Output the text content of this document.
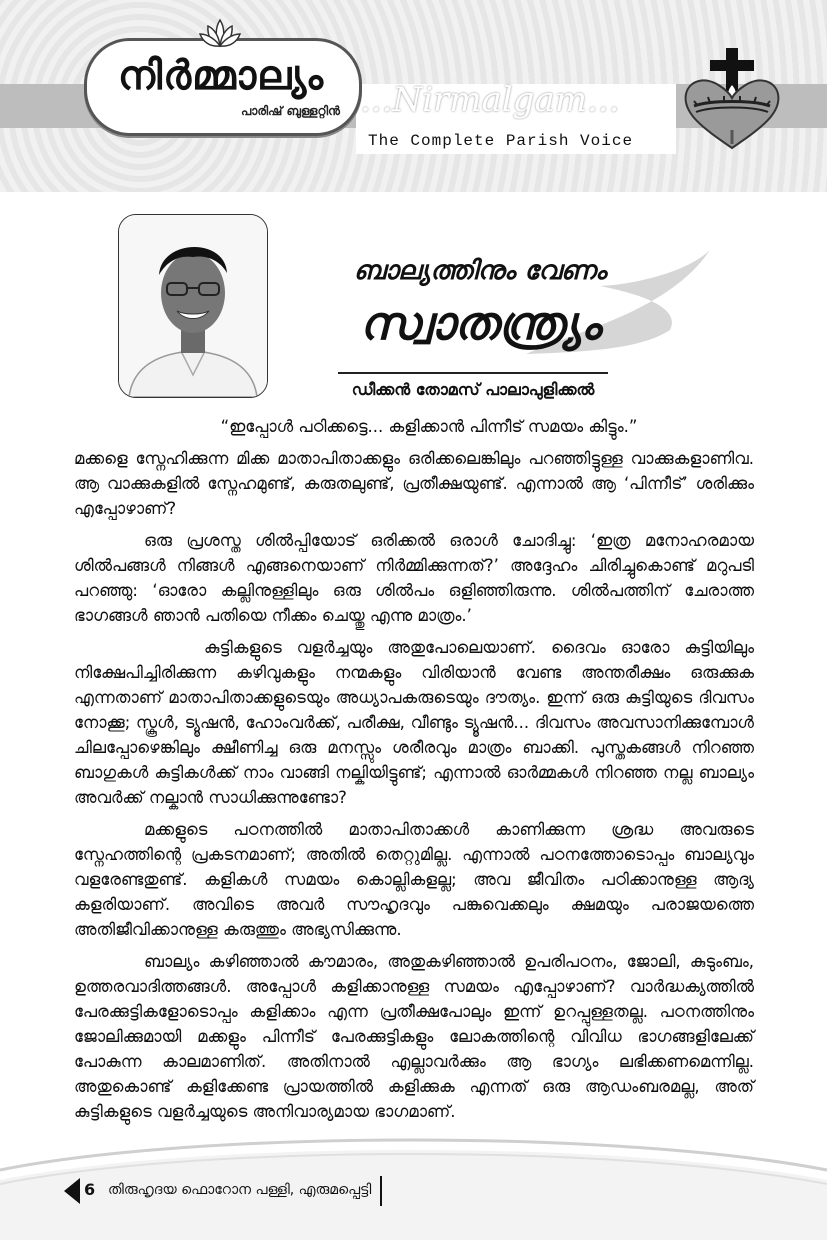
നിർമ്മാല്യം
പാരിഷ് ബുള്ളറ്റിൻ ...Nirmalgam...
The Complete Parish Voice
ബാല്യത്തിനും വേണം
സ്വാതന്ത്ര്യം
ഡീക്കൻ തോമസ് പാലാപുളിക്കൽ

“ഇപ്പോൾ പഠിക്കട്ടെ... കളിക്കാൻ പിന്നീട് സമയം കിട്ടും.”

മക്കളെ സ്നേഹിക്കുന്ന മിക്ക മാതാപിതാക്കളും ഒരിക്കലെങ്കിലും പറഞ്ഞിട്ടുള്ള വാക്കുകളാണിവ. ആ വാക്കുകളിൽ സ്നേഹമുണ്ട്, കരുതലുണ്ട്, പ്രതീക്ഷയുണ്ട്. എന്നാൽ ആ ‘പിന്നീട്’ ശരിക്കും എപ്പോഴാണ്?

ഒരു പ്രശസ്ത ശിൽപ്പിയോട് ഒരിക്കൽ ഒരാൾ ചോദിച്ചു: ‘ഇത്ര മനോഹരമായ ശിൽപങ്ങൾ നിങ്ങൾ എങ്ങനെയാണ് നിർമ്മിക്കുന്നത്?’ അദ്ദേഹം ചിരിച്ചുകൊണ്ട് മറുപടി പറഞ്ഞു: ‘ഓരോ കല്ലിനുള്ളിലും ഒരു ശിൽപം ഒളിഞ്ഞിരുന്നു. ശിൽപത്തിന് ചേരാത്ത ഭാഗങ്ങൾ ഞാൻ പതിയെ നീക്കം ചെയ്തു എന്നു മാത്രം.’

കുട്ടികളുടെ വളർച്ചയും അതുപോലെയാണ്. ദൈവം ഓരോ കുട്ടിയിലും നിക്ഷേപിച്ചിരിക്കുന്ന കഴിവുകളും നന്മകളും വിരിയാൻ വേണ്ട അന്തരീക്ഷം ഒരുക്കുക എന്നതാണ് മാതാപിതാക്കളുടെയും അധ്യാപകരുടെയും ദൗത്യം. ഇന്ന് ഒരു കുട്ടിയുടെ ദിവസം നോക്കൂ; സ്കൂൾ, ട്യൂഷൻ, ഹോംവർക്ക്, പരീക്ഷ, വീണ്ടും ട്യൂഷൻ... ദിവസം അവസാനിക്കുമ്പോൾ ചിലപ്പോഴെങ്കിലും ക്ഷീണിച്ച ഒരു മനസ്സും ശരീരവും മാത്രം ബാക്കി. പുസ്തകങ്ങൾ നിറഞ്ഞ ബാഗുകൾ കുട്ടികൾക്ക് നാം വാങ്ങി നല്കിയിട്ടുണ്ട്; എന്നാൽ ഓർമ്മകൾ നിറഞ്ഞ നല്ല ബാല്യം അവർക്ക് നല്കാൻ സാധിക്കുന്നുണ്ടോ?

മക്കളുടെ പഠനത്തിൽ മാതാപിതാക്കൾ കാണിക്കുന്ന ശ്രദ്ധ അവരുടെ സ്നേഹത്തിന്റെ പ്രകടനമാണ്; അതിൽ തെറ്റുമില്ല. എന്നാൽ പഠനത്തോടൊപ്പം ബാല്യവും വളരേണ്ടതുണ്ട്. കളികൾ സമയം കൊല്ലികളല്ല; അവ ജീവിതം പഠിക്കാനുള്ള ആദ്യ കളരിയാണ്. അവിടെ അവർ സൗഹൃദവും പങ്കുവെക്കലും ക്ഷമയും പരാജയത്തെ അതിജീവിക്കാനുള്ള കരുത്തും അഭ്യസിക്കുന്നു.

ബാല്യം കഴിഞ്ഞാൽ കൗമാരം, അതുകഴിഞ്ഞാൽ ഉപരിപഠനം, ജോലി, കുടുംബം, ഉത്തരവാദിത്തങ്ങൾ. അപ്പോൾ കളിക്കാനുള്ള സമയം എപ്പോഴാണ്? വാർദ്ധക്യത്തിൽ പേരക്കുട്ടികളോടൊപ്പം കളിക്കാം എന്ന പ്രതീക്ഷപോലും ഇന്ന് ഉറപ്പുള്ളതല്ല. പഠനത്തിനും ജോലിക്കുമായി മക്കളും പിന്നീട് പേരക്കുട്ടികളും ലോകത്തിന്റെ വിവിധ ഭാഗങ്ങളിലേക്ക് പോകുന്ന കാലമാണിത്. അതിനാൽ എല്ലാവർക്കും ആ ഭാഗ്യം ലഭിക്കണമെന്നില്ല. അതുകൊണ്ട് കളിക്കേണ്ട പ്രായത്തിൽ കളിക്കുക എന്നത് ഒരു ആഡംബരമല്ല, അത് കുട്ടികളുടെ വളർച്ചയുടെ അനിവാര്യമായ ഭാഗമാണ്.

6 തിരുഹൃദയ ഫൊറോന പള്ളി, എരുമപ്പെട്ടി
